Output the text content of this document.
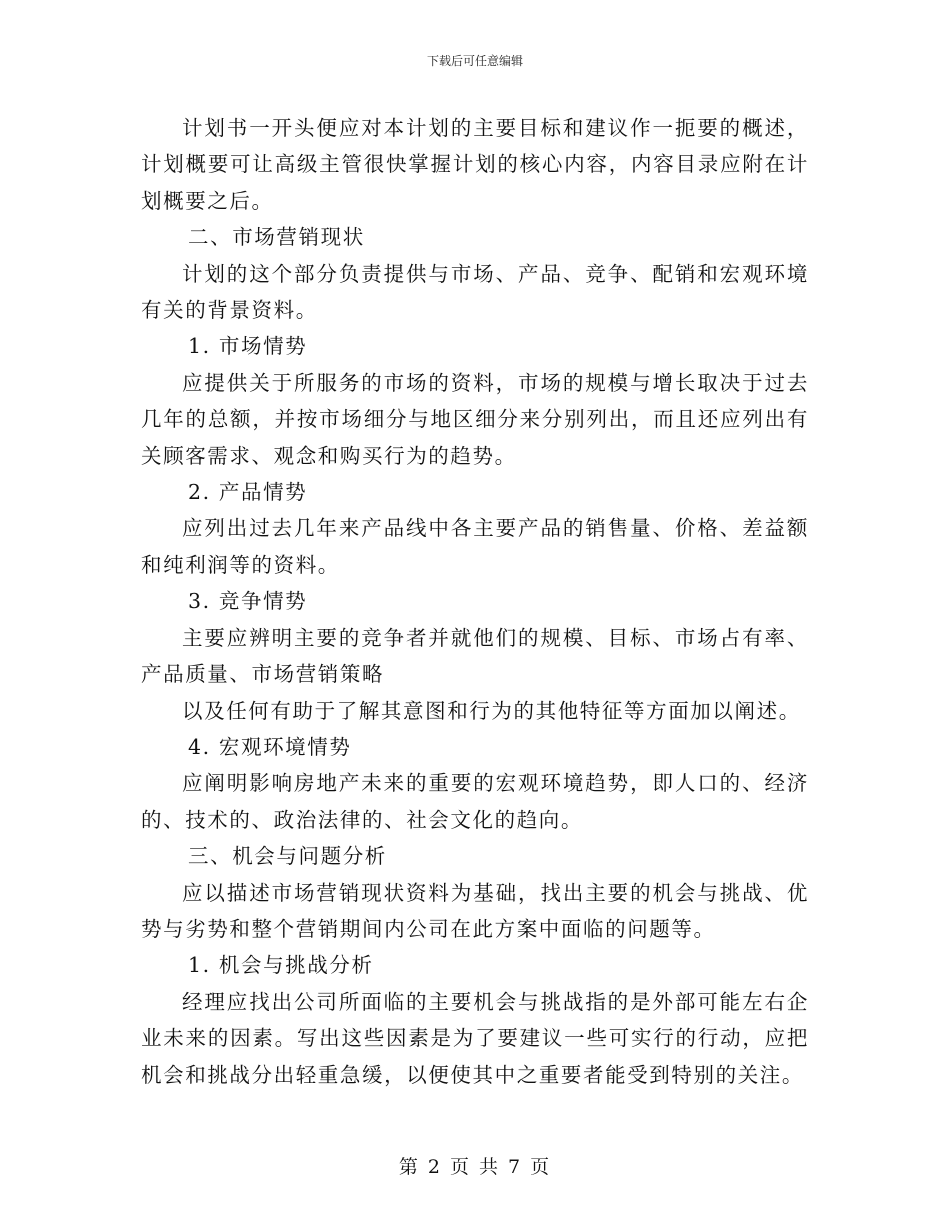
下载后可任意编辑

计划书一开头便应对本计划的主要目标和建议作一扼要的概述，计划概要可让高级主管很快掌握计划的核心内容，内容目录应附在计划概要之后。

二、市场营销现状

计划的这个部分负责提供与市场、产品、竞争、配销和宏观环境有关的背景资料。

1. 市场情势

应提供关于所服务的市场的资料，市场的规模与增长取决于过去几年的总额，并按市场细分与地区细分来分别列出，而且还应列出有关顾客需求、观念和购买行为的趋势。

2. 产品情势

应列出过去几年来产品线中各主要产品的销售量、价格、差益额和纯利润等的资料。

3. 竞争情势

主要应辨明主要的竞争者并就他们的规模、目标、市场占有率、产品质量、市场营销策略

以及任何有助于了解其意图和行为的其他特征等方面加以阐述。

4. 宏观环境情势

应阐明影响房地产未来的重要的宏观环境趋势，即人口的、经济的、技术的、政治法律的、社会文化的趋向。

三、机会与问题分析

应以描述市场营销现状资料为基础，找出主要的机会与挑战、优势与劣势和整个营销期间内公司在此方案中面临的问题等。

1. 机会与挑战分析

经理应找出公司所面临的主要机会与挑战指的是外部可能左右企业未来的因素。写出这些因素是为了要建议一些可实行的行动，应把机会和挑战分出轻重急缓，以便使其中之重要者能受到特别的关注。

第 2 页 共 7 页
